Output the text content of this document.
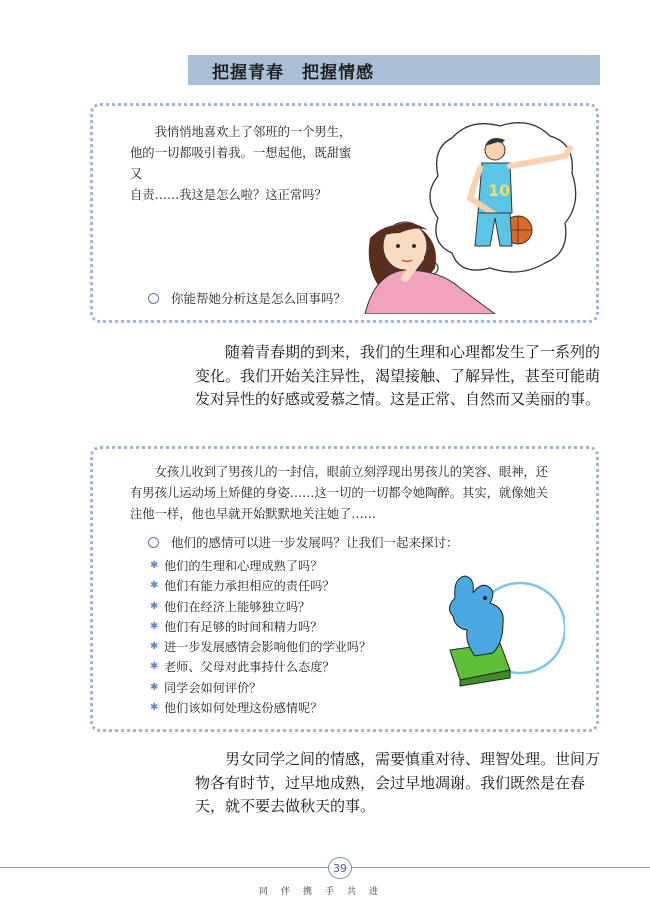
把握青春　把握情感
　　我悄悄地喜欢上了邻班的一个男生，
他的一切都吸引着我。一想起他，既甜蜜又
自责……我这是怎么啦？这正常吗？	10
你能帮她分析这是怎么回事吗？
随着青春期的到来，我们的生理和心理都发生了一系列的变化。我们开始关注异性，渴望接触、了解异性，甚至可能萌发对异性的好感或爱慕之情。这是正常、自然而又美丽的事。
　　女孩儿收到了男孩儿的一封信，眼前立刻浮现出男孩儿的笑容、眼神，还
有男孩儿运动场上矫健的身姿……这一切的一切都令她陶醉。其实，就像她关
注他一样，他也早就开始默默地关注她了……
他们的感情可以进一步发展吗？让我们一起来探讨：
✱ 他们的生理和心理成熟了吗？
✱ 他们有能力承担相应的责任吗？
✱ 他们在经济上能够独立吗？
✱ 他们有足够的时间和精力吗？
✱ 进一步发展感情会影响他们的学业吗？
✱ 老师、父母对此事持什么态度？
✱ 同学会如何评价？
✱ 他们该如何处理这份感情呢？
男女同学之间的情感，需要慎重对待、理智处理。世间万物各有时节，过早地成熟，会过早地凋谢。我们既然是在春天，就不要去做秋天的事。
39
同伴携手共进
